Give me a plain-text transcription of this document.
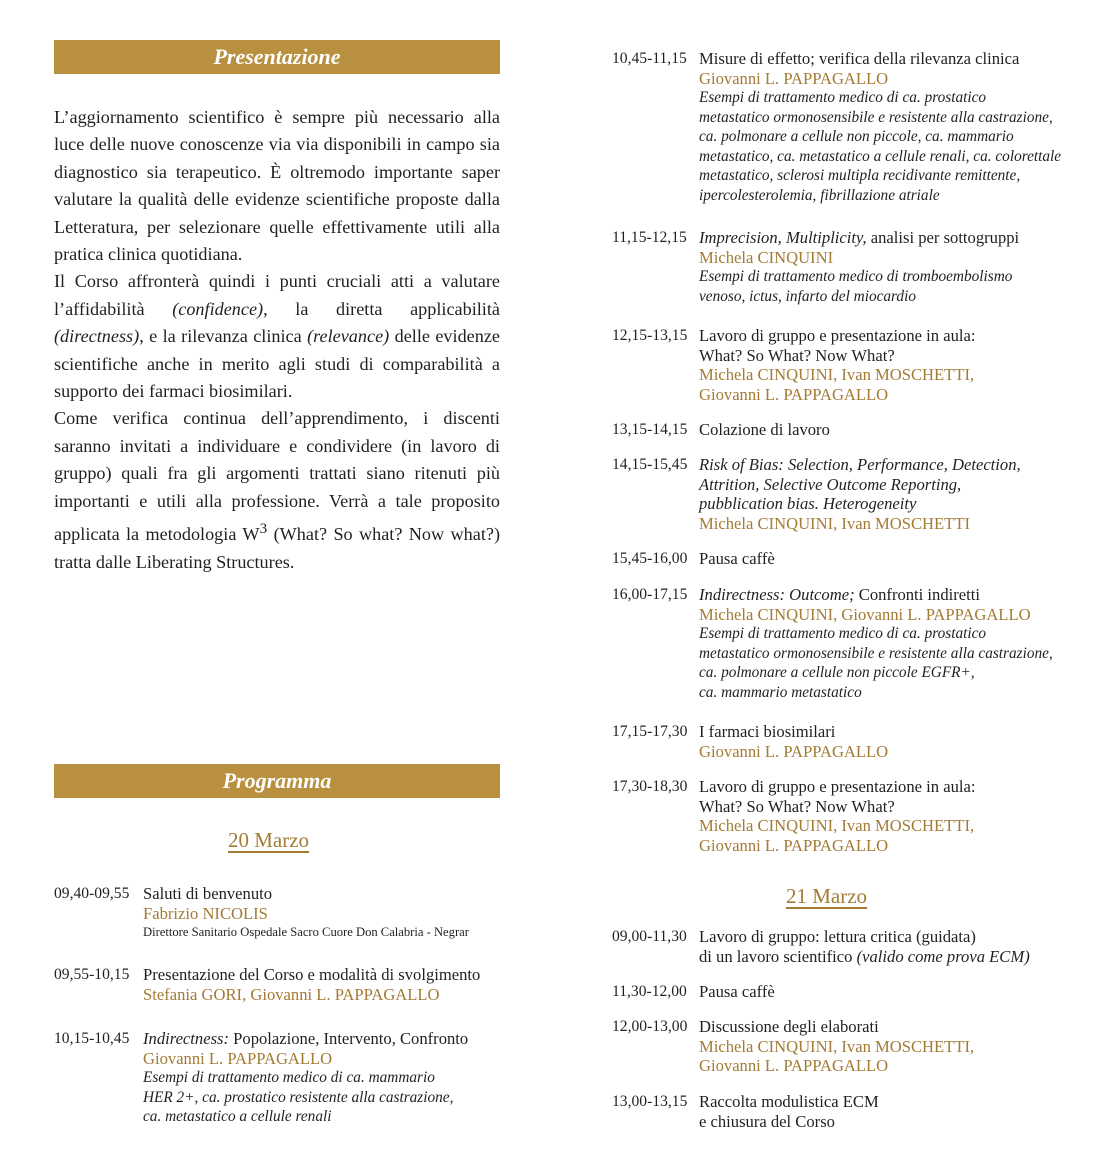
Presentazione

L’aggiornamento scientifico è sempre più necessario alla luce delle nuove conoscenze via via disponibili in campo sia diagnostico sia terapeutico. È oltremodo importante saper valutare la qualità delle evidenze scientifiche proposte dalla Letteratura, per selezionare quelle effettivamente utili alla pratica clinica quotidiana.

Il Corso affronterà quindi i punti cruciali atti a valutare l’affidabilità (confidence), la diretta applicabilità (directness), e la rilevanza clinica (relevance) delle evidenze scientifiche anche in merito agli studi di comparabilità a supporto dei farmaci biosimilari.

Come verifica continua dell’apprendimento, i discenti saranno invitati a individuare e condividere (in lavoro di gruppo) quali fra gli argomenti trattati siano ritenuti più importanti e utili alla professione. Verrà a tale proposito applicata la metodologia $W^3$ (What? So what? Now what?) tratta dalle Liberating Structures.

Programma
20 Marzo
09,40-09,55 Saluti di benvenuto
Fabrizio NICOLIS
Direttore Sanitario Ospedale Sacro Cuore Don Calabria - Negrar
09,55-10,15 Presentazione del Corso e modalità di svolgimento
Stefania GORI, Giovanni L. PAPPAGALLO
10,15-10,45 Indirectness: Popolazione, Intervento, Confronto
Giovanni L. PAPPAGALLO
Esempi di trattamento medico di ca. mammario
HER 2+, ca. prostatico resistente alla castrazione,
ca. metastatico a cellule renali
10,45-11,15 Misure di effetto; verifica della rilevanza clinica
Giovanni L. PAPPAGALLO
Esempi di trattamento medico di ca. prostatico
metastatico ormonosensibile e resistente alla castrazione,
ca. polmonare a cellule non piccole, ca. mammario
metastatico, ca. metastatico a cellule renali, ca. colorettale
metastatico, sclerosi multipla recidivante remittente,
ipercolesterolemia, fibrillazione atriale
11,15-12,15 Imprecision, Multiplicity, analisi per sottogruppi
Michela CINQUINI
Esempi di trattamento medico di tromboembolismo
venoso, ictus, infarto del miocardio
12,15-13,15 Lavoro di gruppo e presentazione in aula:
What? So What? Now What?
Michela CINQUINI, Ivan MOSCHETTI,
Giovanni L. PAPPAGALLO
13,15-14,15 Colazione di lavoro
14,15-15,45 Risk of Bias: Selection, Performance, Detection,
Attrition, Selective Outcome Reporting,
pubblication bias. Heterogeneity
Michela CINQUINI, Ivan MOSCHETTI
15,45-16,00 Pausa caffè
16,00-17,15 Indirectness: Outcome; Confronti indiretti
Michela CINQUINI, Giovanni L. PAPPAGALLO
Esempi di trattamento medico di ca. prostatico
metastatico ormonosensibile e resistente alla castrazione,
ca. polmonare a cellule non piccole EGFR+,
ca. mammario metastatico
17,15-17,30 I farmaci biosimilari
Giovanni L. PAPPAGALLO
17,30-18,30 Lavoro di gruppo e presentazione in aula:
What? So What? Now What?
Michela CINQUINI, Ivan MOSCHETTI,
Giovanni L. PAPPAGALLO
21 Marzo
09,00-11,30 Lavoro di gruppo: lettura critica (guidata)
di un lavoro scientifico (valido come prova ECM)
11,30-12,00 Pausa caffè
12,00-13,00 Discussione degli elaborati
Michela CINQUINI, Ivan MOSCHETTI,
Giovanni L. PAPPAGALLO
13,00-13,15 Raccolta modulistica ECM
e chiusura del Corso
